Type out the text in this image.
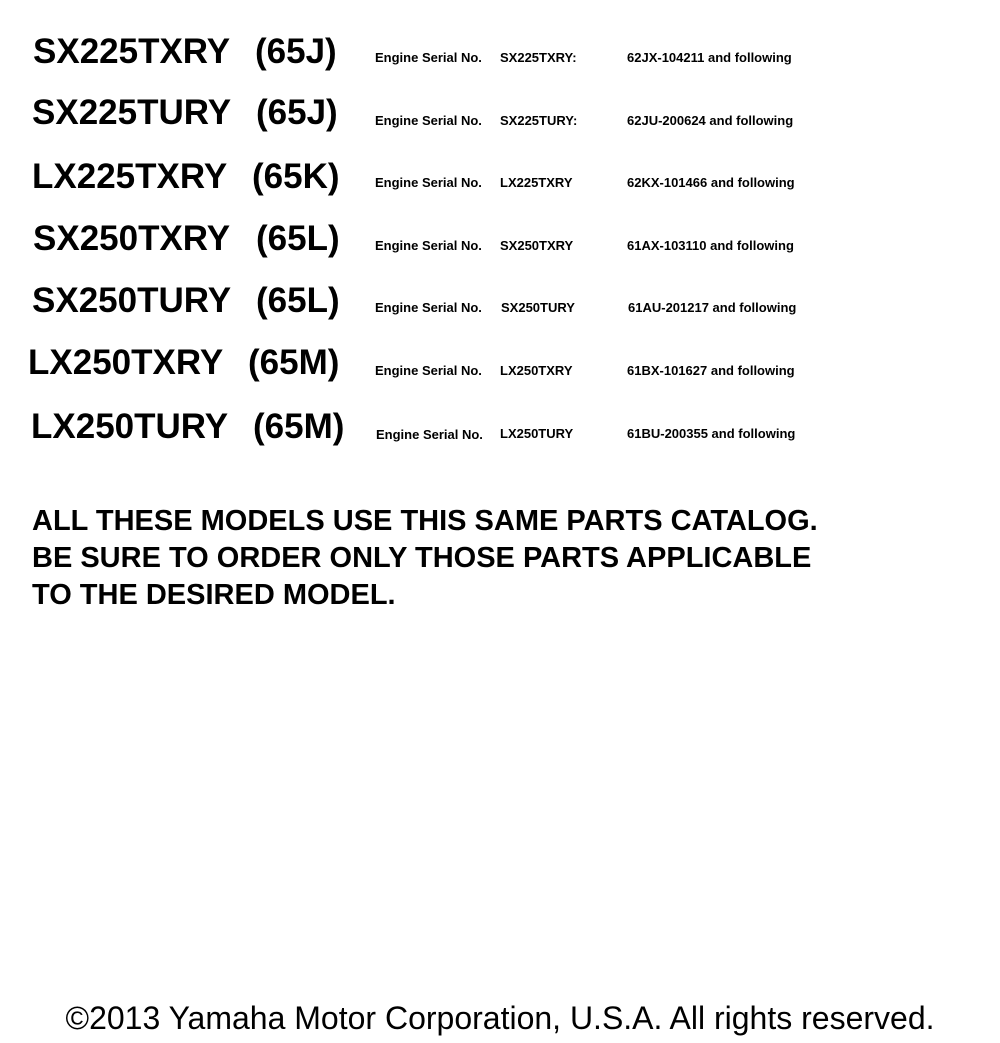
SX225TXRY (65J)	Engine Serial No. SX225TXRY:	62JX-104211 and following
SX225TURY (65J)	Engine Serial No. SX225TURY:	62JU-200624 and following
LX225TXRY (65K)	Engine Serial No. LX225TXRY	62KX-101466 and following
SX250TXRY (65L)	Engine Serial No. SX250TXRY	61AX-103110 and following
SX250TURY (65L)	Engine Serial No. SX250TURY	61AU-201217 and following
LX250TXRY (65M)	Engine Serial No. LX250TXRY	61BX-101627 and following
LX250TURY (65M) Engine Serial No. LX250TURY	61BU-200355 and following
ALL THESE MODELS USE THIS SAME PARTS CATALOG.
BE SURE TO ORDER ONLY THOSE PARTS APPLICABLE
TO THE DESIRED MODEL.
©2013 Yamaha Motor Corporation, U.S.A. All rights reserved.
